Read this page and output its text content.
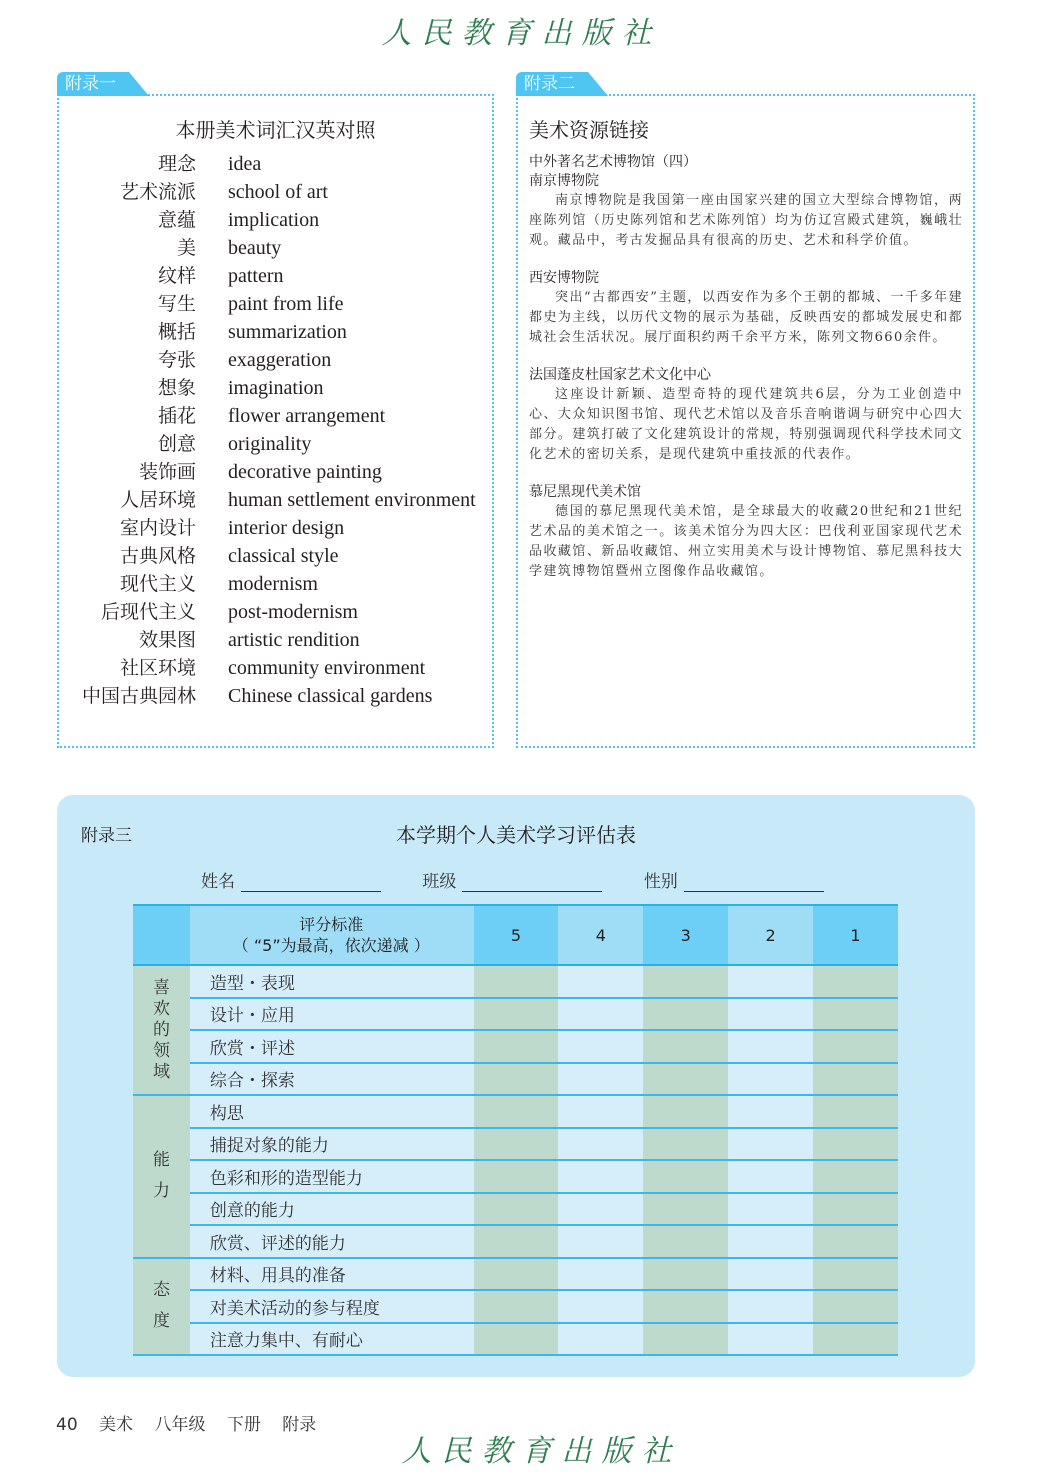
人民教育出版社
附录一
本册美术词汇汉英对照
理念 idea
艺术流派 school of art
意蕴 implication
美 beauty
纹样 pattern
写生 paint from life
概括 summarization
夸张 exaggeration
想象 imagination
插花 flower arrangement
创意 originality
装饰画 decorative painting
人居环境 human settlement environment
室内设计 interior design
古典风格 classical style
现代主义 modernism
后现代主义 post-modernism
效果图 artistic rendition
社区环境 community environment
中国古典园林 Chinese classical gardens
附录二
美术资源链接
中外著名艺术博物馆（四）
南京博物院

南京博物院是我国第一座由国家兴建的国立大型综合博物馆，两座陈列馆（历史陈列馆和艺术陈列馆）均为仿辽宫殿式建筑，巍峨壮观。藏品中，考古发掘品具有很高的历史、艺术和科学价值。

西安博物院

突出“古都西安”主题，以西安作为多个王朝的都城、一千多年建都史为主线，以历代文物的展示为基础，反映西安的都城发展史和都城社会生活状况。展厅面积约两千余平方米，陈列文物660余件。

法国蓬皮杜国家艺术文化中心

这座设计新颖、造型奇特的现代建筑共6层，分为工业创造中心、大众知识图书馆、现代艺术馆以及音乐音响谐调与研究中心四大部分。建筑打破了文化建筑设计的常规，特别强调现代科学技术同文化艺术的密切关系，是现代建筑中重技派的代表作。

慕尼黑现代美术馆

德国的慕尼黑现代美术馆，是全球最大的收藏20世纪和21世纪艺术品的美术馆之一。该美术馆分为四大区：巴伐利亚国家现代艺术品收藏馆、新品收藏馆、州立实用美术与设计博物馆、慕尼黑科技大学建筑博物馆暨州立图像作品收藏馆。

附录三	本学期个人美术学习评估表
姓名	班级	性别
	评分标准
（ “5”为最高，依次递减 ）	5	4	3	2	1

喜
欢
的
领
域	造型・表现					
	设计・应用					
	欣赏・评述					
	综合・探索					

能
力	构思					
	捕捉对象的能力					
	色彩和形的造型能力					
	创意的能力					
	欣赏、评述的能力					

态
度	材料、用具的准备					
	对美术活动的参与程度					
	注意力集中、有耐心					
40 美术 八年级 下册 附录
人民教育出版社
